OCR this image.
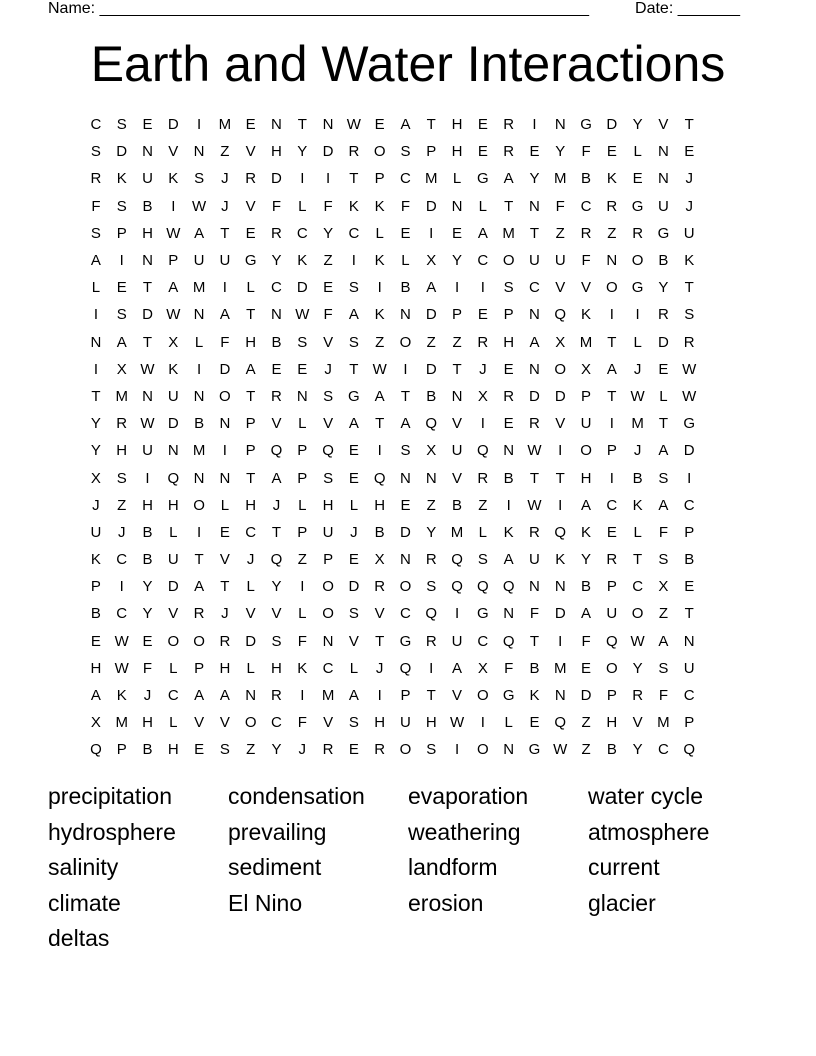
Name: _______________________________________________________	Date: _______
Earth and Water Interactions
C	S	E	D	I	M E	N	T	N W E	A	T	H	E	R	I	N G D	Y	V	T
S	D N	V	N	Z	V	H	Y	D R O S	P	H	E	R	E	Y	F	E	L	N	E
R	K	U	K	S	J	R D	I	I	T	P	C M	L	G A	Y M B	K	E	N	J
F	S	B	I	W J	V	F	L	F	K	K	F	D N	L	T	N	F	C R G U	J
S	P	H W A	T	E	R C	Y	C	L	E	I	E	A M T	Z	R	Z	R G U
A	I	N	P	U U G Y	K	Z	I	K	L	X	Y	C O U U	F	N O B	K
L	E	T	A M	I	L	C D	E	S	I	B	A	I	I	S	C	V	V O G Y	T
I	S	D W N	A	T	N W F	A	K	N D	P	E	P	N Q K	I	I	R	S
N	A	T	X	L	F	H	B	S	V	S	Z	O	Z	Z	R H	A	X M T	L	D R
I	X W K	I	D	A	E	E	J	T W	I	D	T	J	E	N O X	A	J	E W
T M N U N O	T	R N	S G A	T	B	N	X	R D D	P	T W L W
Y	R W D	B	N	P	V	L	V	A	T	A Q V	I	E	R	V	U	I	M T	G
Y	H U N M	I	P Q P Q E	I	S	X	U Q N W	I	O P	J	A	D
X	S	I	Q N N	T	A	P	S	E Q N N	V	R	B	T	T	H	I	B	S	I
J	Z	H H O	L	H	J	L	H	L	H	E	Z	B	Z	I	W	I	A	C	K	A	C
U	J	B	L	I	E	C	T	P	U	J	B	D	Y M	L	K	R Q K	E	L	F	P
K	C	B	U	T	V	J	Q	Z	P	E	X	N R Q S	A	U	K	Y	R	T	S	B
P	I	Y	D	A	T	L	Y	I	O D R O S Q Q Q N N	B	P	C	X	E
B	C	Y	V	R	J	V	V	L	O S	V	C Q	I	G N	F	D	A	U O	Z	T
E W E O O R D	S	F	N	V	T	G R U C Q	T	I	F	Q W A	N
H W F	L	P	H	L	H	K	C	L	J	Q	I	A	X	F	B M E O Y	S	U
A	K	J	C	A	A	N R	I	M A	I	P	T	V O G K	N D	P	R	F	C
X M H	L	V	V O C	F	V	S	H U H W	I	L	E Q	Z	H	V M P
Q P	B	H	E	S	Z	Y	J	R	E	R O S	I	O N G W Z	B	Y	C Q
precipitation	condensation	evaporation	water cycle
hydrosphere	prevailing	weathering	atmosphere
salinity	sediment	landform	current
climate	El Nino	erosion	glacier
deltas
